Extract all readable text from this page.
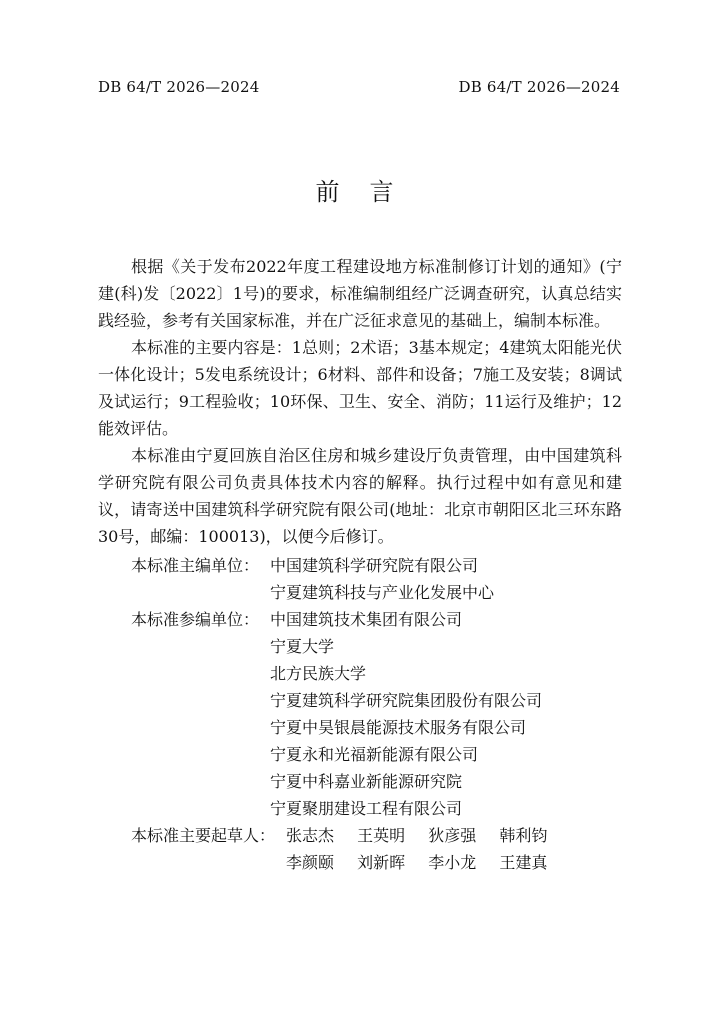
DB 64/T 2026—2024	DB 64/T 2026—2024
前言

根据《关于发布2022年度工程建设地方标准制修订计划的通知》(宁建(科)发〔2022〕1号)的要求，标准编制组经广泛调查研究，认真总结实践经验，参考有关国家标准，并在广泛征求意见的基础上，编制本标准。

本标准的主要内容是：1总则；2术语；3基本规定；4建筑太阳能光伏一体化设计；5发电系统设计；6材料、部件和设备；7施工及安装；8调试及试运行；9工程验收；10环保、卫生、安全、消防；11运行及维护；12能效评估。

本标准由宁夏回族自治区住房和城乡建设厅负责管理，由中国建筑科学研究院有限公司负责具体技术内容的解释。执行过程中如有意见和建议，请寄送中国建筑科学研究院有限公司(地址：北京市朝阳区北三环东路30号，邮编：100013)，以便今后修订。

本标准主编单位： 中国建筑科学研究院有限公司
宁夏建筑科技与产业化发展中心
本标准参编单位： 中国建筑技术集团有限公司
宁夏大学
北方民族大学
宁夏建筑科学研究院集团股份有限公司
宁夏中昊银晨能源技术服务有限公司
宁夏永和光福新能源有限公司
宁夏中科嘉业新能源研究院
宁夏聚朋建设工程有限公司
本标准主要起草人： 张志杰 王英明 狄彦强 韩利钧
李颜颐 刘新晖 李小龙 王建真
